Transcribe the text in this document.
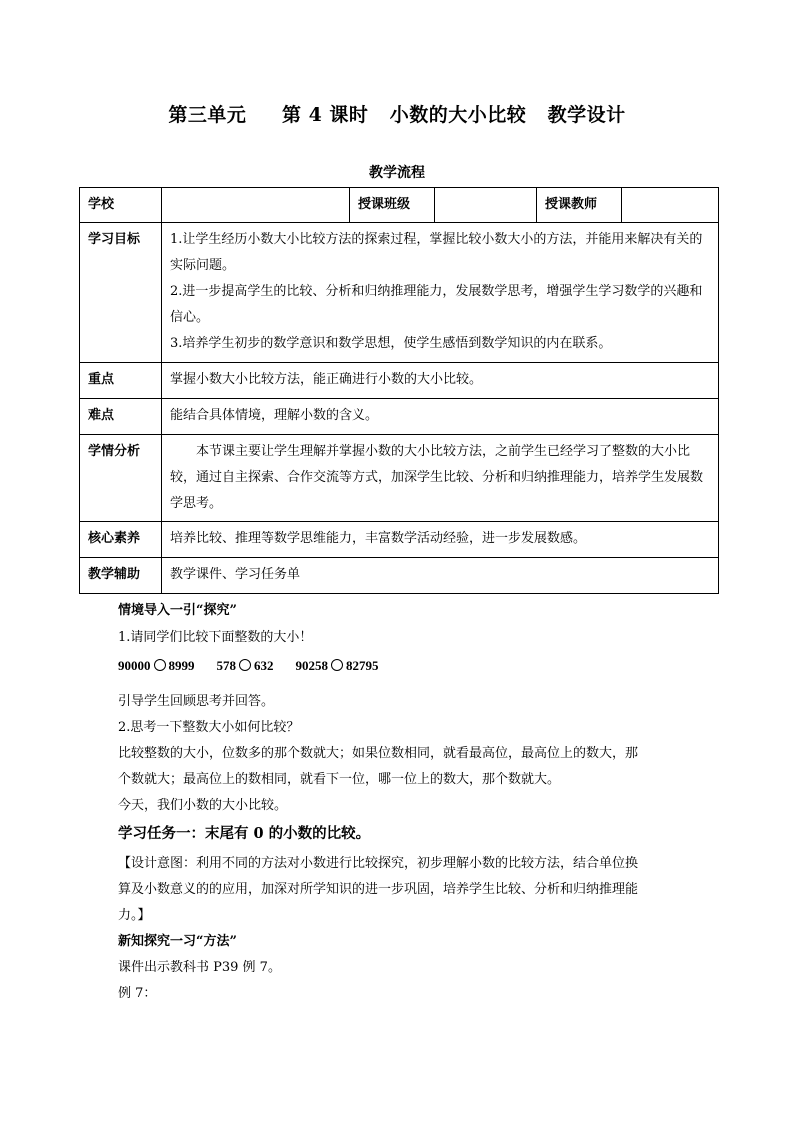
第三单元     第 4 课时   小数的大小比较   教学设计
教学流程
学校		授课班级		授课教师	
学习目标	1.让学生经历小数大小比较方法的探索过程，掌握比较小数大小的方法，并能用来解决有关的实际问题。
2.进一步提高学生的比较、分析和归纳推理能力，发展数学思考，增强学生学习数学的兴趣和信心。
3.培养学生初步的数学意识和数学思想，使学生感悟到数学知识的内在联系。				

重点	掌握小数大小比较方法，能正确进行小数的大小比较。				
难点	能结合具体情境，理解小数的含义。				
学情分析	本节课主要让学生理解并掌握小数的大小比较方法，之前学生已经学习了整数的大小比较，通过自主探索、合作交流等方式，加深学生比较、分析和归纳推理能力，培养学生发展数学思考。				
核心素养	培养比较、推理等数学思维能力，丰富数学活动经验，进一步发展数感。				
教学辅助	教学课件、学习任务单				
情境导入一引“探究”
1.请同学们比较下面整数的大小！
90000 8999 578 632 90258 82795
引导学生回顾思考并回答。
2.思考一下整数大小如何比较？
比较整数的大小，位数多的那个数就大；如果位数相同，就看最高位，最高位上的数大，那
个数就大；最高位上的数相同，就看下一位，哪一位上的数大，那个数就大。
今天，我们小数的大小比较。
学习任务一：末尾有 0 的小数的比较。
【设计意图：利用不同的方法对小数进行比较探究，初步理解小数的比较方法，结合单位换
算及小数意义的的应用，加深对所学知识的进一步巩固，培养学生比较、分析和归纳推理能
力。】
新知探究一习“方法”
课件出示教科书 P39 例 7。
例 7：
